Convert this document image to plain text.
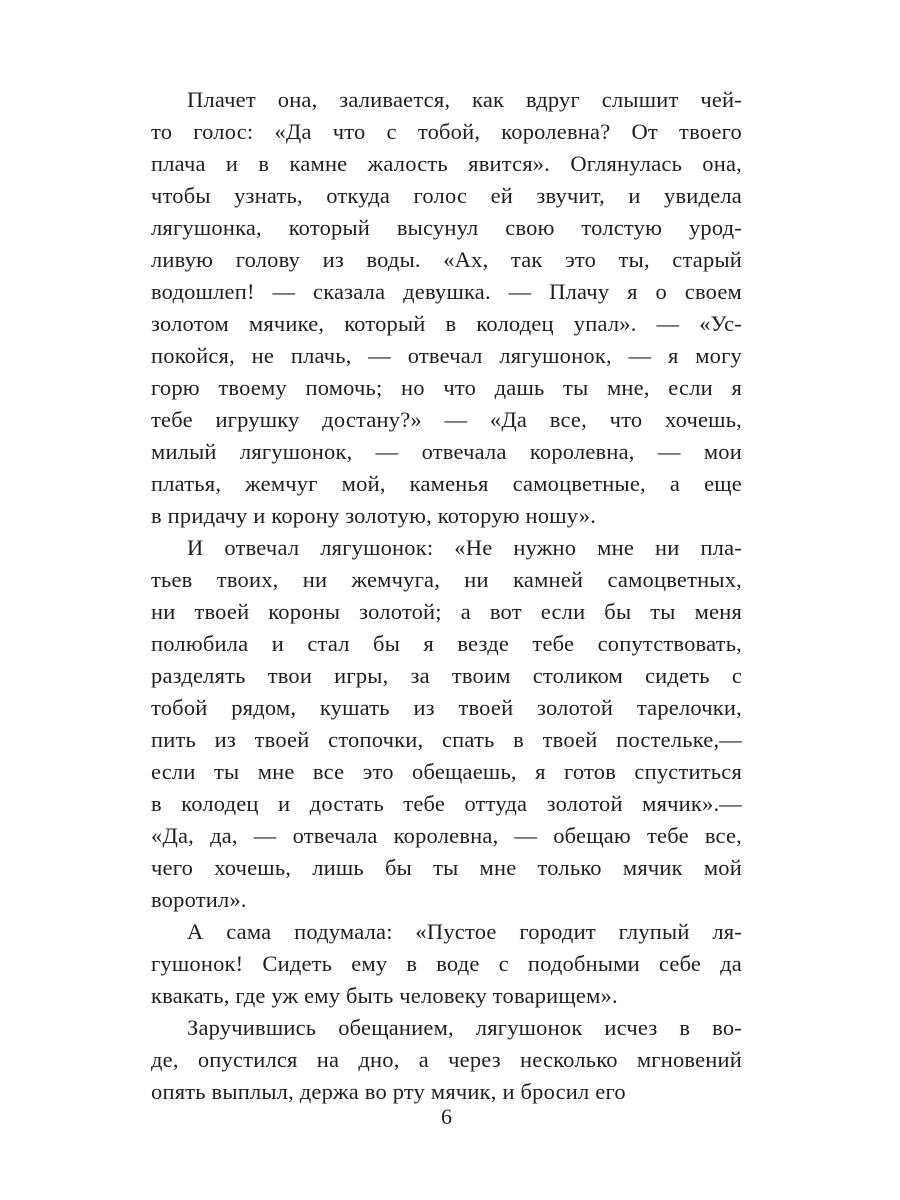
Плачет она, заливается, как вдруг слышит чей-
то голос: «Да что с тобой, королевна? От твоего
плача и в камне жалость явится». Оглянулась она,
чтобы узнать, откуда голос ей звучит, и увидела
лягушонка, который высунул свою толстую урод-
ливую голову из воды. «Ах, так это ты, старый
водошлеп! — сказала девушка. — Плачу я о своем
золотом мячике, который в колодец упал». — «Ус-
покойся, не плачь, — отвечал лягушонок, — я могу
горю твоему помочь; но что дашь ты мне, если я
тебе игрушку достану?» — «Да все, что хочешь,
милый лягушонок, — отвечала королевна, — мои
платья, жемчуг мой, каменья самоцветные, а еще
в придачу и корону золотую, которую ношу».
И отвечал лягушонок: «Не нужно мне ни пла-
тьев твоих, ни жемчуга, ни камней самоцветных,
ни твоей короны золотой; а вот если бы ты меня
полюбила и стал бы я везде тебе сопутствовать,
разделять твои игры, за твоим столиком сидеть с
тобой рядом, кушать из твоей золотой тарелочки,
пить из твоей стопочки, спать в твоей постельке,—
если ты мне все это обещаешь, я готов спуститься
в колодец и достать тебе оттуда золотой мячик».—
«Да, да, — отвечала королевна, — обещаю тебе все,
чего хочешь, лишь бы ты мне только мячик мой
воротил».
А сама подумала: «Пустое городит глупый ля-
гушонок! Сидеть ему в воде с подобными себе да
квакать, где уж ему быть человеку товарищем».
Заручившись обещанием, лягушонок исчез в во-
де, опустился на дно, а через несколько мгновений
опять выплыл, держа во рту мячик, и бросил его
6
